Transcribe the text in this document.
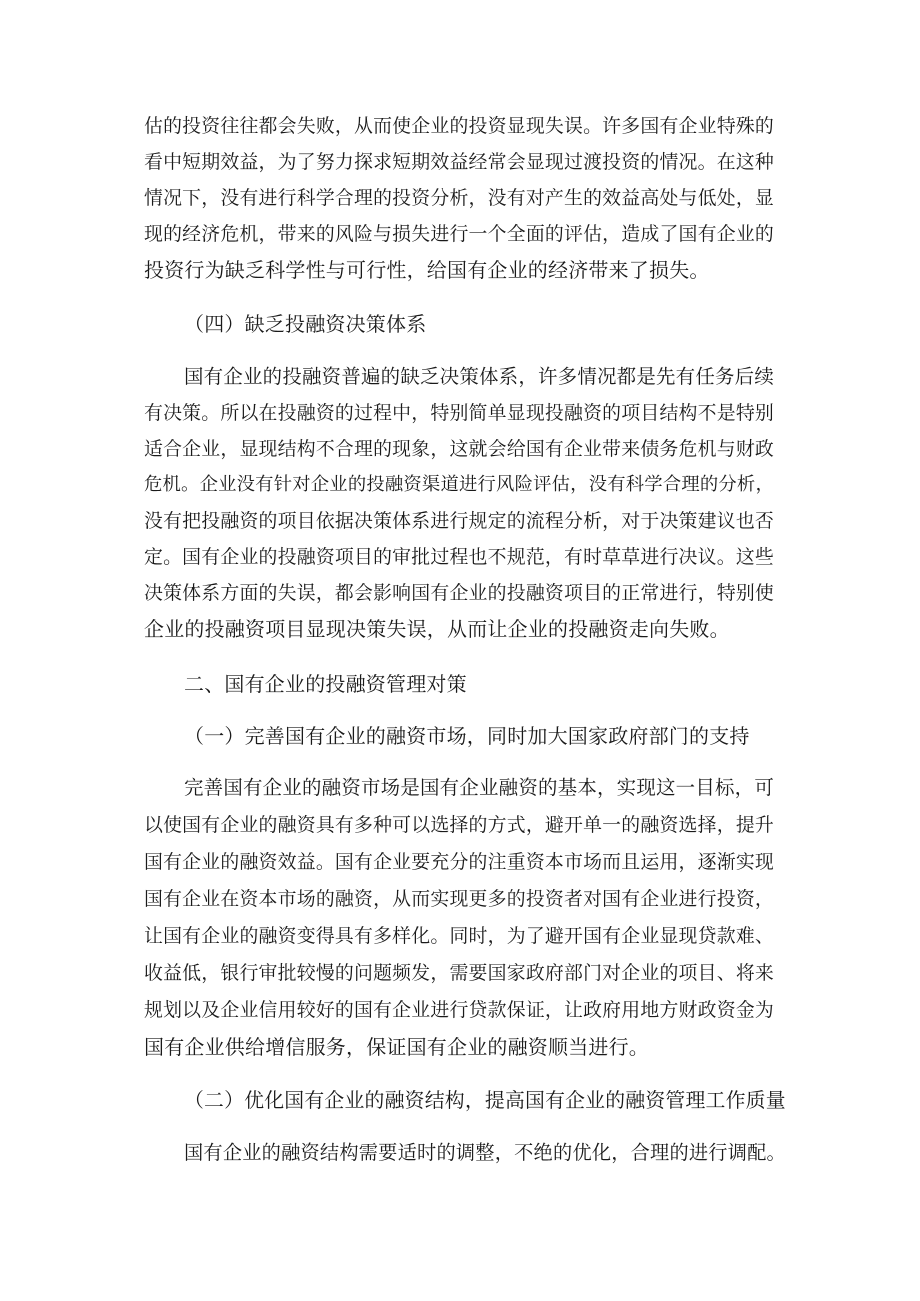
估的投资往往都会失败，从而使企业的投资显现失误。许多国有企业特殊的
看中短期效益，为了努力探求短期效益经常会显现过渡投资的情况。在这种
情况下，没有进行科学合理的投资分析，没有对产生的效益高处与低处，显
现的经济危机，带来的风险与损失进行一个全面的评估，造成了国有企业的
投资行为缺乏科学性与可行性，给国有企业的经济带来了损失。
（四）缺乏投融资决策体系
国有企业的投融资普遍的缺乏决策体系，许多情况都是先有任务后续
有决策。所以在投融资的过程中，特别简单显现投融资的项目结构不是特别
适合企业，显现结构不合理的现象，这就会给国有企业带来债务危机与财政
危机。企业没有针对企业的投融资渠道进行风险评估，没有科学合理的分析，
没有把投融资的项目依据决策体系进行规定的流程分析，对于决策建议也否
定。国有企业的投融资项目的审批过程也不规范，有时草草进行决议。这些
决策体系方面的失误，都会影响国有企业的投融资项目的正常进行，特别使
企业的投融资项目显现决策失误，从而让企业的投融资走向失败。
二、国有企业的投融资管理对策
（一）完善国有企业的融资市场，同时加大国家政府部门的支持
完善国有企业的融资市场是国有企业融资的基本，实现这一目标，可
以使国有企业的融资具有多种可以选择的方式，避开单一的融资选择，提升
国有企业的融资效益。国有企业要充分的注重资本市场而且运用，逐渐实现
国有企业在资本市场的融资，从而实现更多的投资者对国有企业进行投资，
让国有企业的融资变得具有多样化。同时，为了避开国有企业显现贷款难、
收益低，银行审批较慢的问题频发，需要国家政府部门对企业的项目、将来
规划以及企业信用较好的国有企业进行贷款保证，让政府用地方财政资金为
国有企业供给增信服务，保证国有企业的融资顺当进行。
（二）优化国有企业的融资结构，提高国有企业的融资管理工作质量
国有企业的融资结构需要适时的调整，不绝的优化，合理的进行调配。
